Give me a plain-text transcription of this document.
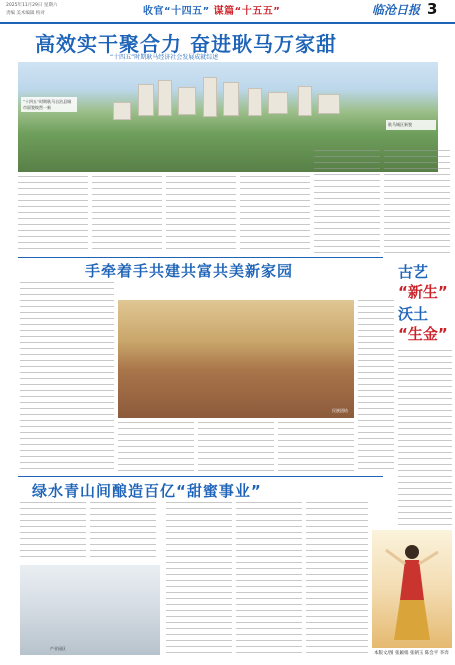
2025年11月29日 星期六
责编 美术编辑 校对	收官“十四五” 谋篇“十五五”	临沧日报 3
高效实干聚合力 奋进耿马万家甜
“十四五”时期耿马经济社会发展成就综述
“十四五”时期耿马自治县城市面貌焕然一新
耿马城区新貌
手牵着手共建共富共美新家园
民族团结
绿水青山间酿造百亿“甜蜜事业”
产业园区
古艺
“新生”
沃土
“生金”
本版文/图 张颖娟 张朝玉 陈会平 李奔
